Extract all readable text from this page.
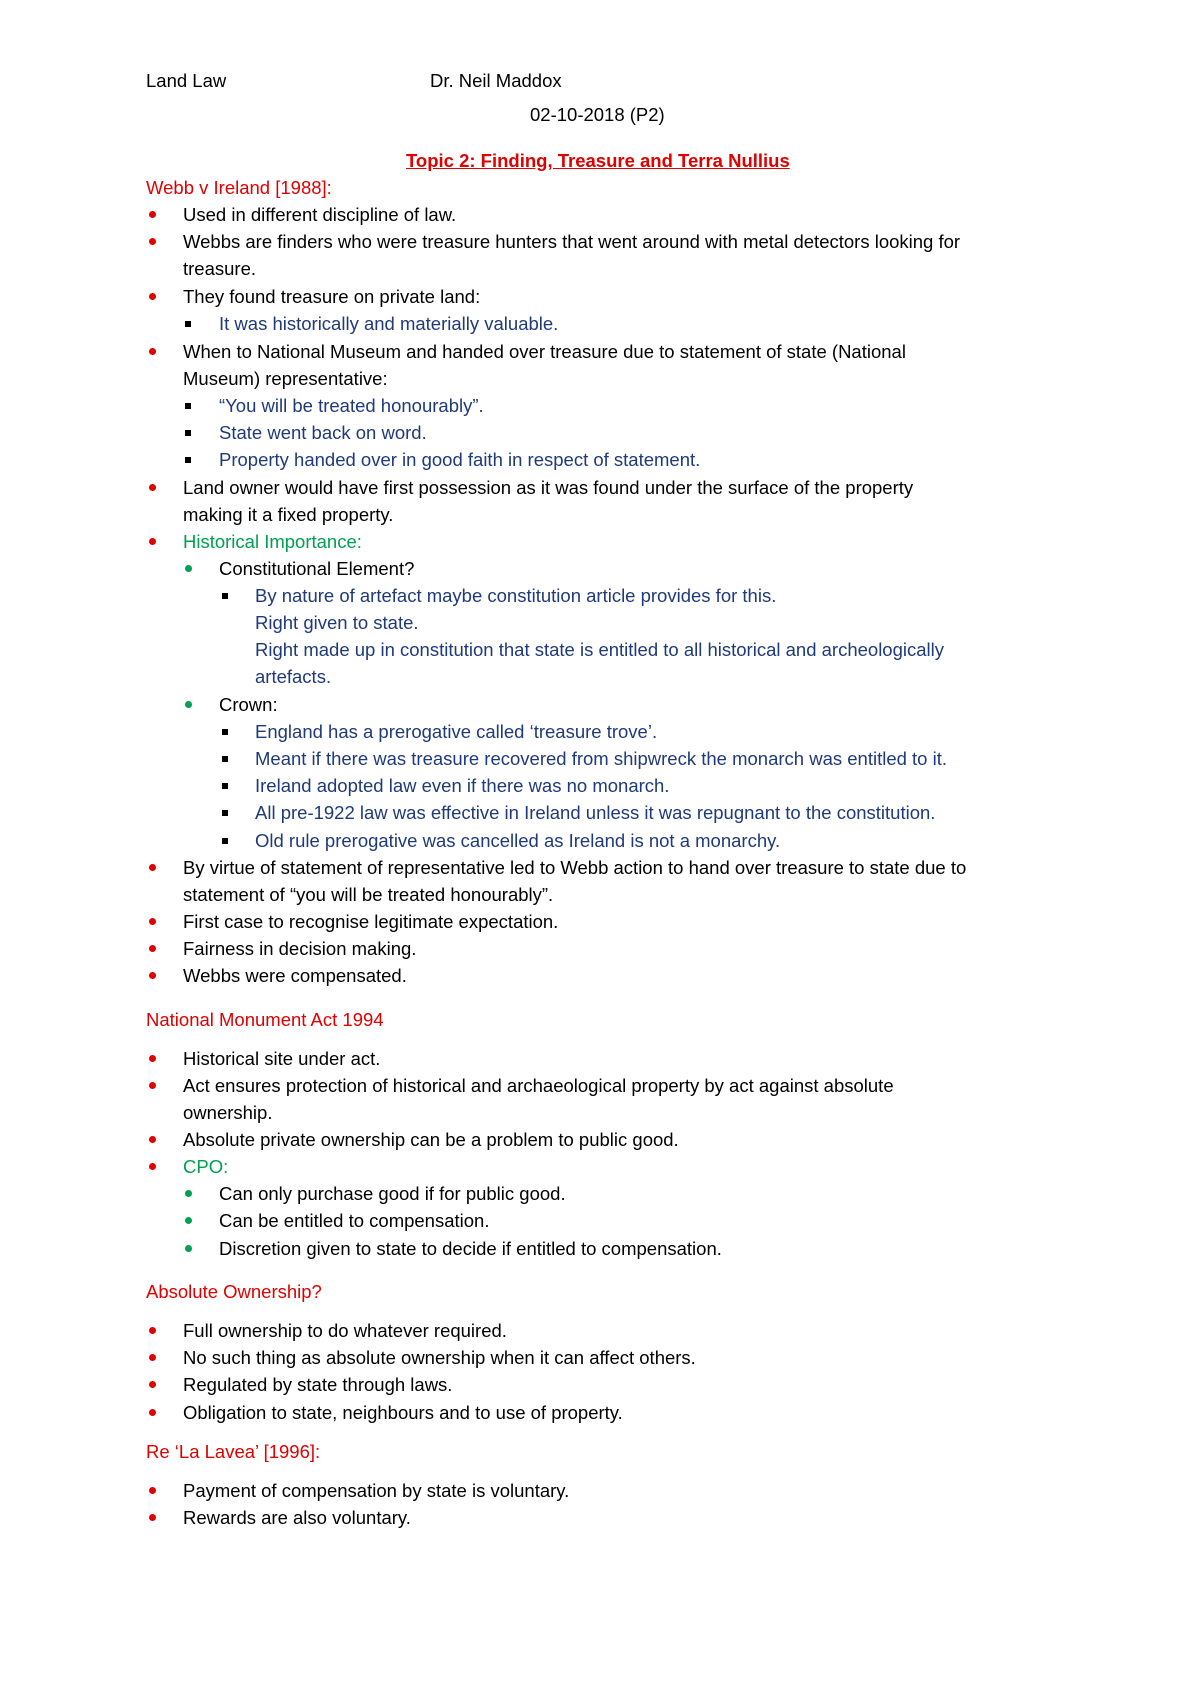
Land Law	Dr. Neil Maddox
02-10-2018 (P2)
Topic 2: Finding, Treasure and Terra Nullius
Webb v Ireland [1988]:
Used in different discipline of law.
Webbs are finders who were treasure hunters that went around with metal detectors looking for
treasure.
They found treasure on private land:
It was historically and materially valuable.
When to National Museum and handed over treasure due to statement of state (National
Museum) representative:
“You will be treated honourably”.
State went back on word.
Property handed over in good faith in respect of statement.
Land owner would have first possession as it was found under the surface of the property
making it a fixed property.
Historical Importance:
Constitutional Element?
By nature of artefact maybe constitution article provides for this.
Right given to state.
Right made up in constitution that state is entitled to all historical and archeologically
artefacts.
Crown:
England has a prerogative called ‘treasure trove’.
Meant if there was treasure recovered from shipwreck the monarch was entitled to it.
Ireland adopted law even if there was no monarch.
All pre-1922 law was effective in Ireland unless it was repugnant to the constitution.
Old rule prerogative was cancelled as Ireland is not a monarchy.
By virtue of statement of representative led to Webb action to hand over treasure to state due to
statement of “you will be treated honourably”.
First case to recognise legitimate expectation.
Fairness in decision making.
Webbs were compensated.
National Monument Act 1994
Historical site under act.
Act ensures protection of historical and archaeological property by act against absolute
ownership.
Absolute private ownership can be a problem to public good.
CPO:
Can only purchase good if for public good.
Can be entitled to compensation.
Discretion given to state to decide if entitled to compensation.
Absolute Ownership?
Full ownership to do whatever required.
No such thing as absolute ownership when it can affect others.
Regulated by state through laws.
Obligation to state, neighbours and to use of property.
Re ‘La Lavea’ [1996]:
Payment of compensation by state is voluntary.
Rewards are also voluntary.
